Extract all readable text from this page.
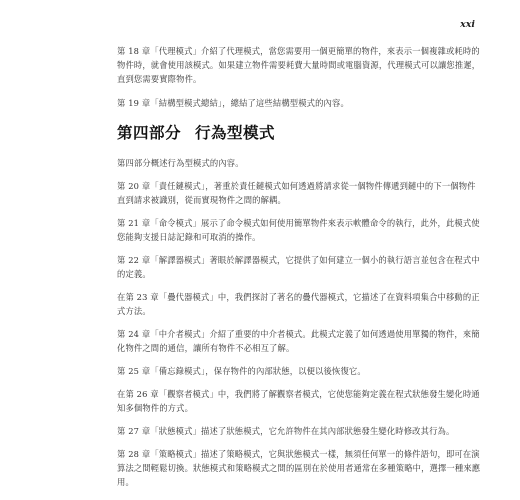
xxi

第 18 章「代理模式」介紹了代理模式，當您需要用一個更簡單的物件，來表示一個複雜或耗時的物件時，就會使用該模式。如果建立物件需要耗費大量時間或電腦資源，代理模式可以讓您推遲，直到您需要實際物件。

第 19 章「結構型模式總結」，總結了這些結構型模式的內容。

第四部分 行為型模式

第四部分概述行為型模式的內容。

第 20 章「責任鏈模式」，著重於責任鏈模式如何透過將請求從一個物件傳遞到鏈中的下一個物件直到請求被識別，從而實現物件之間的解耦。

第 21 章「命令模式」展示了命令模式如何使用簡單物件來表示軟體命令的執行，此外，此模式使您能夠支援日誌記錄和可取消的操作。

第 22 章「解譯器模式」著眼於解譯器模式，它提供了如何建立一個小的執行語言並包含在程式中的定義。

在第 23 章「疊代器模式」中，我們探討了著名的疊代器模式，它描述了在資料項集合中移動的正式方法。

第 24 章「中介者模式」介紹了重要的中介者模式。此模式定義了如何透過使用單獨的物件，來簡化物件之間的通信，讓所有物件不必相互了解。

第 25 章「備忘錄模式」，保存物件的內部狀態，以便以後恢復它。

在第 26 章「觀察者模式」中，我們將了解觀察者模式，它使您能夠定義在程式狀態發生變化時通知多個物件的方式。

第 27 章「狀態模式」描述了狀態模式，它允許物件在其內部狀態發生變化時修改其行為。

第 28 章「策略模式」描述了策略模式，它與狀態模式一樣，無須任何單一的條件語句，即可在演算法之間輕鬆切換。狀態模式和策略模式之間的區別在於使用者通常在多種策略中，選擇一種來應用。
